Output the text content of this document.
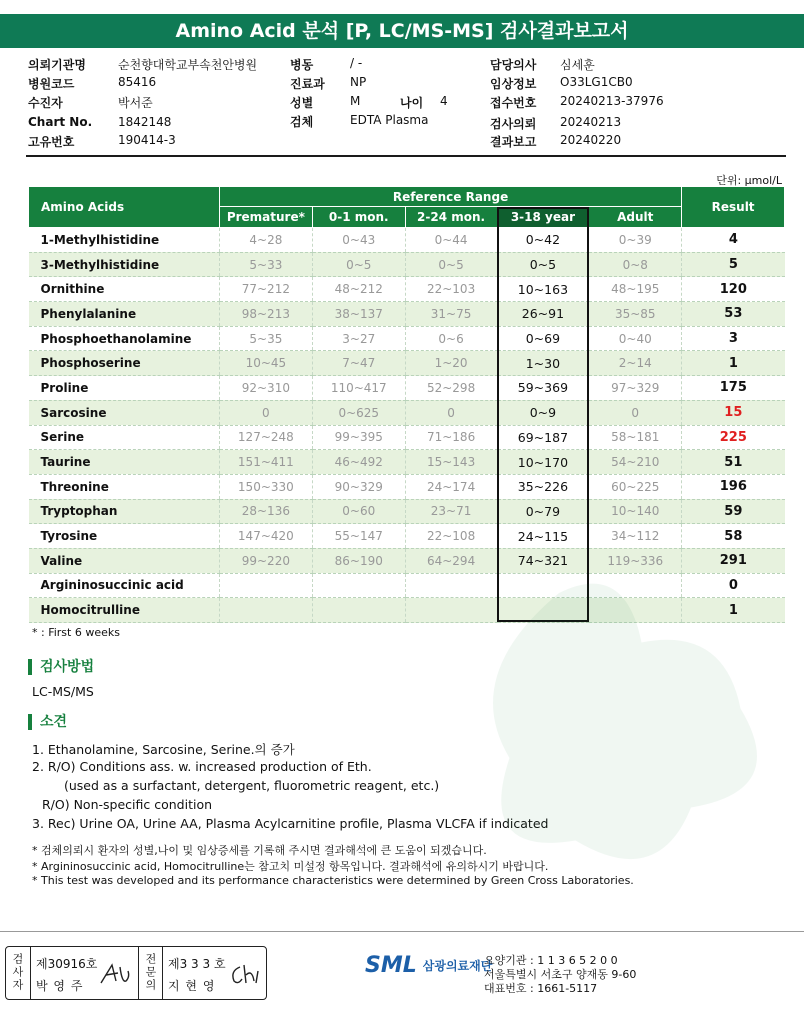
Amino Acid 분석 [P, LC/MS-MS] 검사결과보고서
의뢰기관명	순천향대학교부속천안병원
병원코드	85416
수진자	박서준
Chart No. 1842148
고유번호	190414-3
병동	/ -
진료과 NP
성별	M	나이 4
검체	EDTA Plasma
담당의사 심세훈
임상정보 O33LG1CB0
접수번호 20240213-37976
검사의뢰 20240213
결과보고 20240220
단위: μmol/L
Amino Acids	Reference Range					Result
	Premature*	0-1 mon.	2-24 mon.	3-18 year	Adult	
1-Methylhistidine	4~28	0~43	0~44	0~42	0~39	4
3-Methylhistidine	5~33	0~5	0~5	0~5	0~8	5
Ornithine	77~212	48~212	22~103	10~163	48~195	120
Phenylalanine	98~213	38~137	31~75	26~91	35~85	53
Phosphoethanolamine	5~35	3~27	0~6	0~69	0~40	3
Phosphoserine	10~45	7~47	1~20	1~30	2~14	1
Proline	92~310	110~417	52~298	59~369	97~329	175
Sarcosine	0	0~625	0	0~9	0	15
Serine	127~248	99~395	71~186	69~187	58~181	225
Taurine	151~411	46~492	15~143	10~170	54~210	51
Threonine	150~330	90~329	24~174	35~226	60~225	196
Tryptophan	28~136	0~60	23~71	0~79	10~140	59
Tyrosine	147~420	55~147	22~108	24~115	34~112	58
Valine	99~220	86~190	64~294	74~321	119~336	291
Argininosuccinic acid						0
Homocitrulline						1
* : First 6 weeks
검사방법
LC-MS/MS
소견
1. Ethanolamine, Sarcosine, Serine.의 증가
2. R/O) Conditions ass. w. increased production of Eth.
(used as a surfactant, detergent, fluorometric reagent, etc.)
R/O) Non-specific condition
3. Rec) Urine OA, Urine AA, Plasma Acylcarnitine profile, Plasma VLCFA if indicated
* 검체의뢰시 환자의 성별,나이 및 임상증세를 기록해 주시면 결과해석에 큰 도움이 되겠습니다.
* Argininosuccinic acid, Homocitrulline는 참고치 미설정 항목입니다. 결과해석에 유의하시기 바랍니다.
* This test was developed and its performance characteristics were determined by Green Cross Laboratories.
검사자 제30916호
박 영 주	전문의 제3 3 3 호
지 현 영
SML 삼광의료재단
요양기관 : 1 1 3 6 5 2 0 0
서울특별시 서초구 양재동 9-60
대표번호 : 1661-5117
